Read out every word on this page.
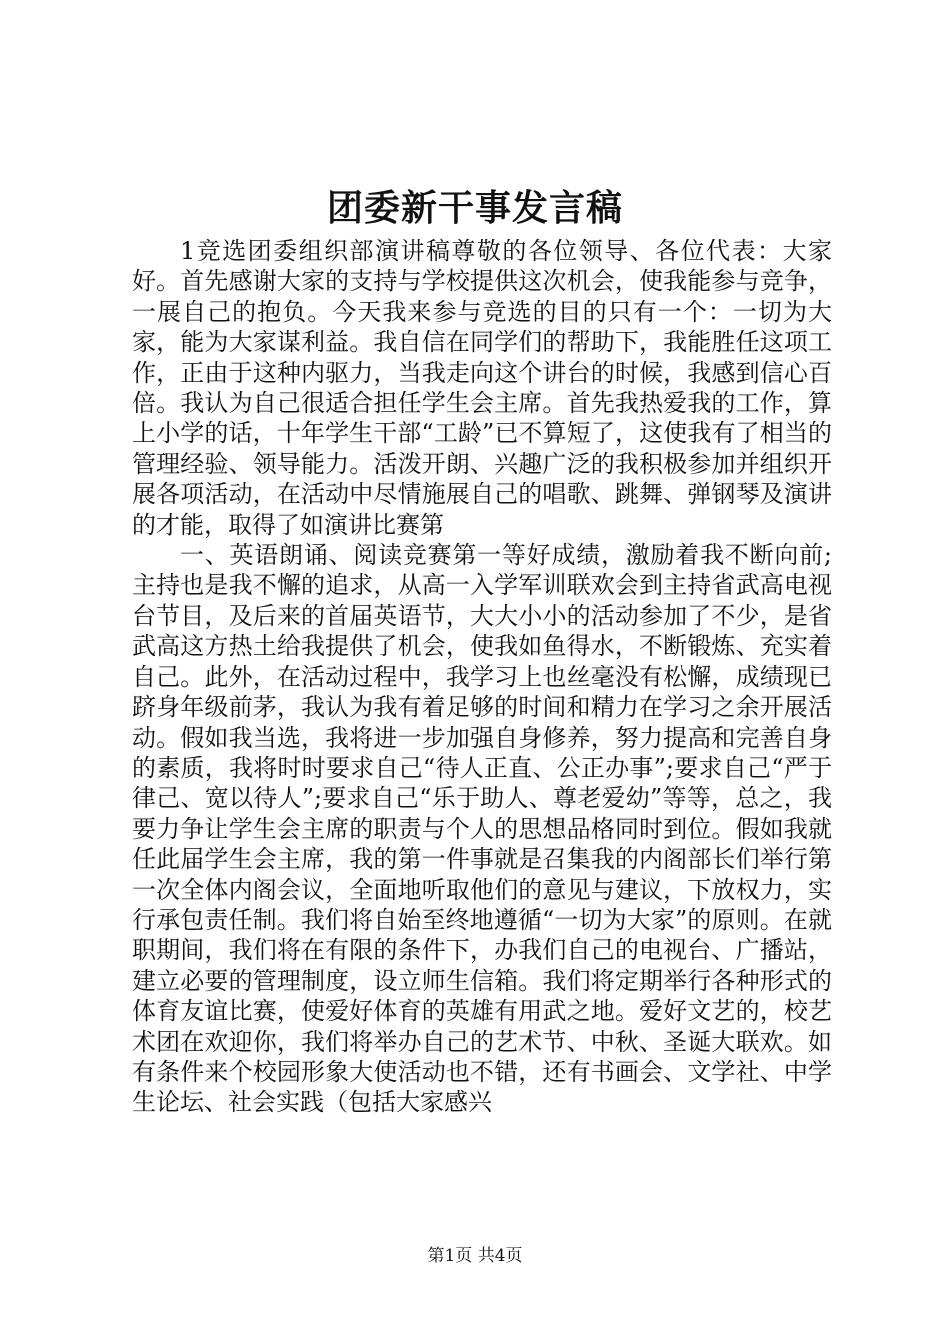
团委新干事发言稿

1竞选团委组织部演讲稿尊敬的各位领导、各位代表：大家好。首先感谢大家的支持与学校提供这次机会，使我能参与竞争，一展自己的抱负。今天我来参与竞选的目的只有一个：一切为大家，能为大家谋利益。我自信在同学们的帮助下，我能胜任这项工作，正由于这种内驱力，当我走向这个讲台的时候，我感到信心百倍。我认为自己很适合担任学生会主席。首先我热爱我的工作，算上小学的话，十年学生干部“工龄”已不算短了，这使我有了相当的管理经验、领导能力。活泼开朗、兴趣广泛的我积极参加并组织开展各项活动，在活动中尽情施展自己的唱歌、跳舞、弹钢琴及演讲的才能，取得了如演讲比赛第

一、英语朗诵、阅读竞赛第一等好成绩，激励着我不断向前;主持也是我不懈的追求，从高一入学军训联欢会到主持省武高电视台节目，及后来的首届英语节，大大小小的活动参加了不少，是省武高这方热土给我提供了机会，使我如鱼得水，不断锻炼、充实着自己。此外，在活动过程中，我学习上也丝毫没有松懈，成绩现已跻身年级前茅，我认为我有着足够的时间和精力在学习之余开展活动。假如我当选，我将进一步加强自身修养，努力提高和完善自身的素质，我将时时要求自己“待人正直、公正办事”;要求自己“严于律己、宽以待人”;要求自己“乐于助人、尊老爱幼”等等，总之，我要力争让学生会主席的职责与个人的思想品格同时到位。假如我就任此届学生会主席，我的第一件事就是召集我的内阁部长们举行第一次全体内阁会议，全面地听取他们的意见与建议，下放权力，实行承包责任制。我们将自始至终地遵循“一切为大家”的原则。在就职期间，我们将在有限的条件下，办我们自己的电视台、广播站，建立必要的管理制度，设立师生信箱。我们将定期举行各种形式的体育友谊比赛，使爱好体育的英雄有用武之地。爱好文艺的，校艺术团在欢迎你，我们将举办自己的艺术节、中秋、圣诞大联欢。如有条件来个校园形象大使活动也不错，还有书画会、文学社、中学生论坛、社会实践（包括大家感兴

第1页 共4页
